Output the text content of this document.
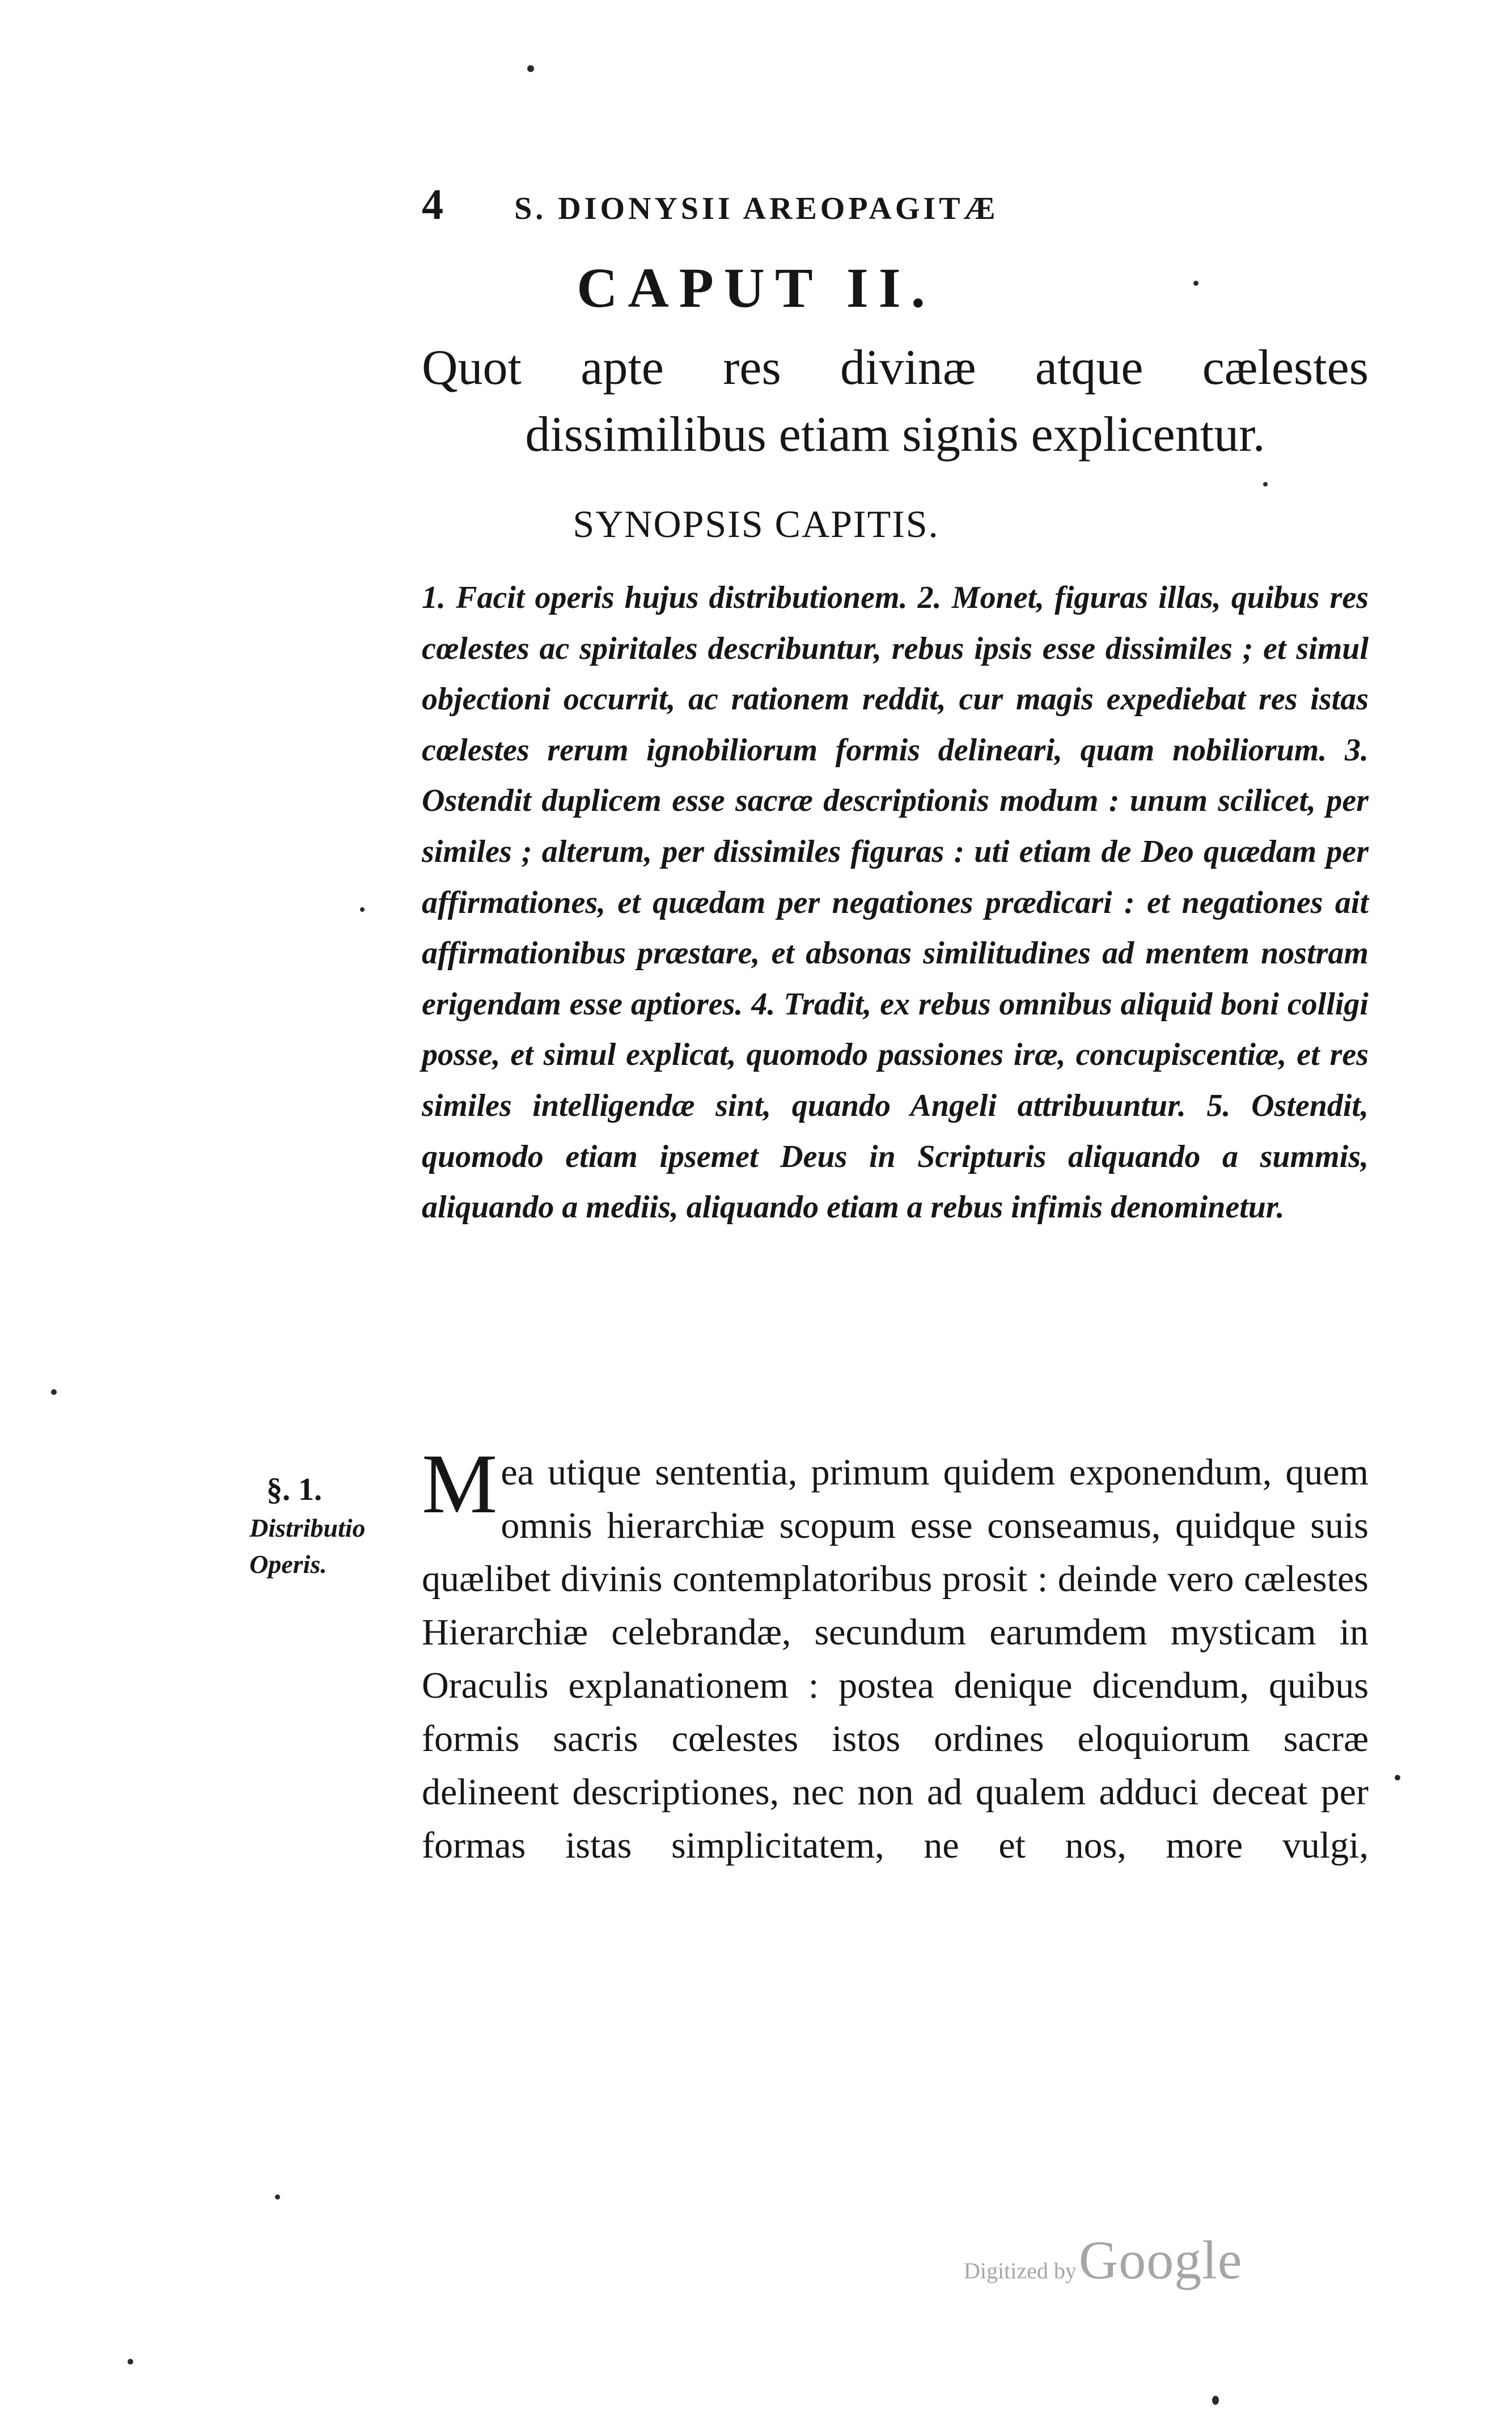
4 S. DIONYSII AREOPAGITÆ
CAPUT II.
Quot apte res divinæ atque cælestes dissimilibus etiam signis explicentur.
SYNOPSIS CAPITIS.
1. Facit operis hujus distributionem. 2. Monet, figuras illas, quibus res cœlestes ac spiritales describuntur, rebus ipsis esse dissimiles ; et simul objectioni occurrit, ac rationem reddit, cur magis expediebat res istas cœlestes rerum ignobiliorum formis delineari, quam nobiliorum. 3. Ostendit duplicem esse sacræ descriptionis modum : unum scilicet, per similes ; alterum, per dissimiles figuras : uti etiam de Deo quædam per affirmationes, et quædam per negationes prædicari : et negationes ait affirmationibus præstare, et absonas similitudines ad mentem nostram erigendam esse aptiores. 4. Tradit, ex rebus omnibus aliquid boni colligi posse, et simul explicat, quomodo passiones iræ, concupiscentiæ, et res similes intelligendæ sint, quando Angeli attribuuntur. 5. Ostendit, quomodo etiam ipsemet Deus in Scripturis aliquando a summis, aliquando a mediis, aliquando etiam a rebus infimis denominetur.
§. 1.
Distributio Operis.
Mea utique sententia, primum quidem exponendum, quem omnis hierarchiæ scopum esse conseamus, quidque suis quælibet divinis contemplatoribus prosit : deinde vero cælestes Hierarchiæ celebrandæ, secundum earumdem mysticam in Oraculis explanationem : postea denique dicendum, quibus formis sacris cœlestes istos ordines eloquiorum sacræ delineent descriptiones, nec non ad qualem adduci deceat per formas istas simplicitatem, ne et nos, more vulgi,
Digitized by Google
